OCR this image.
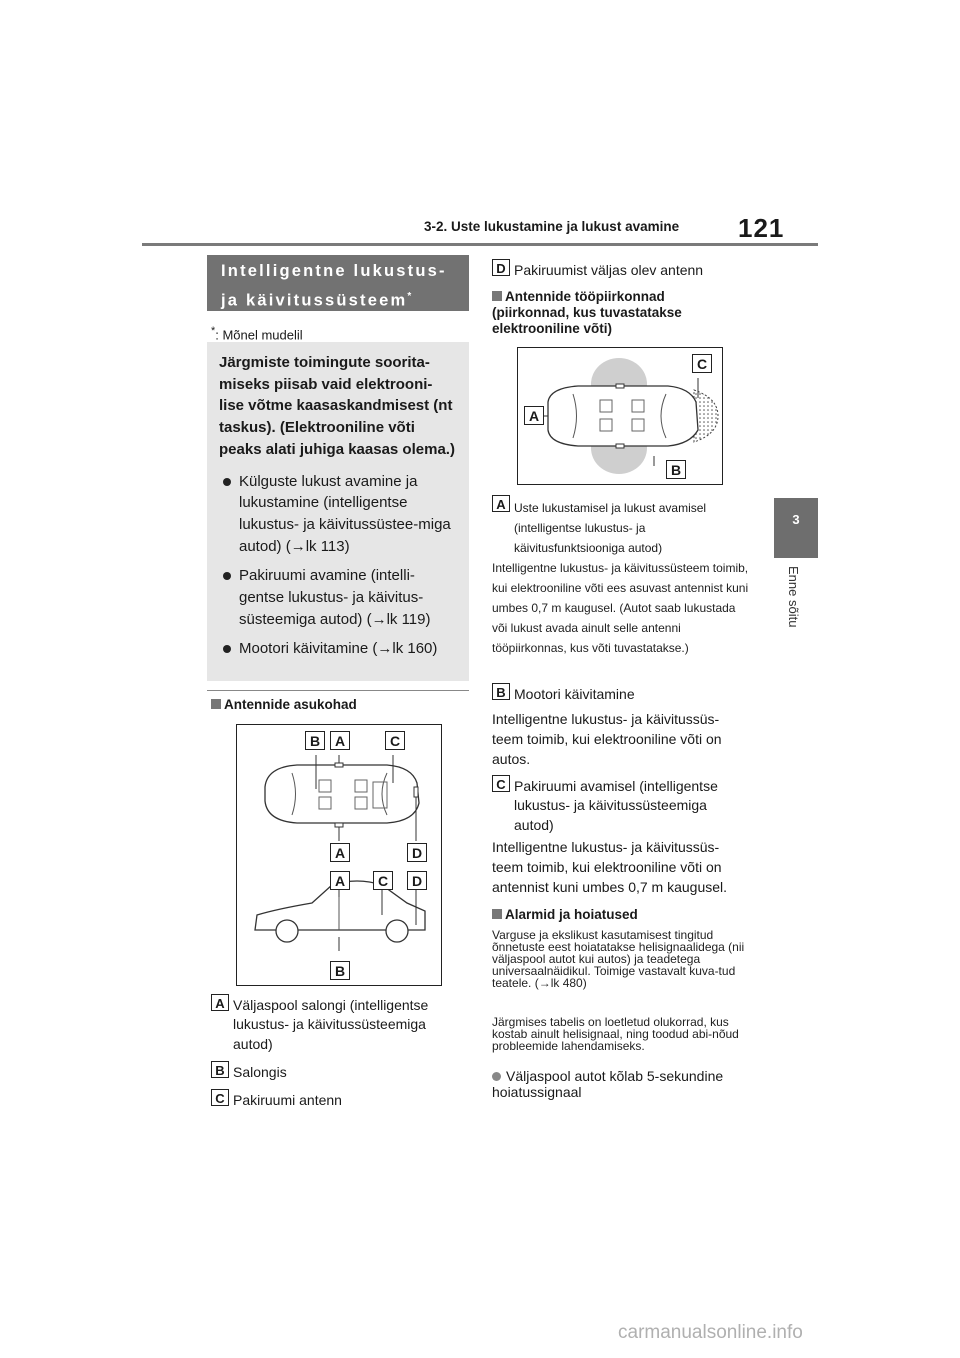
3-2. Uste lukustamine ja lukust avamine 121
3
Enne sõitu
Intelligentne lukustus- ja käivitussüsteem*
*: Mõnel mudelil
Järgmiste toimingute soorita-miseks piisab vaid elektrooni-lise võtme kaasaskandmisest (nt taskus). (Elektrooniline võti peaks alati juhiga kaasas olema.)
Külguste lukust avamine ja lukustamine (intelligentse lukustus- ja käivitussüstee-miga autod) (→lk 113)
Pakiruumi avamine (intelli-gentse lukustus- ja käivitus-süsteemiga autod) (→lk 119)
Mootori käivitamine (→lk 160)
Antennide asukohad
B	A	C
A	D
A	C	D
B
A Väljaspool salongi (intelligentse lukustus- ja käivitussüsteemiga autod)
B Salongis
C Pakiruumi antenn
D Pakiruumist väljas olev antenn
Antennide tööpiirkonnad (piirkonnad, kus tuvastatakse elektrooniline võti)
C
A
B
A Uste lukustamisel ja lukust avamisel (intelligentse lukustus- ja käivitusfunktsiooniga autod)
Intelligentne lukustus- ja käivitussüsteem toimib, kui elektrooniline võti ees asuvast antennist kuni umbes 0,7 m kaugusel. (Autot saab lukustada või lukust avada ainult selle antenni tööpiirkonnas, kus võti tuvastatakse.)
B Mootori käivitamine
Intelligentne lukustus- ja käivitussüs-teem toimib, kui elektrooniline võti on autos.
C Pakiruumi avamisel (intelligentse lukustus- ja käivitussüsteemiga autod)
Intelligentne lukustus- ja käivitussüs-teem toimib, kui elektrooniline võti on antennist kuni umbes 0,7 m kaugusel.
Alarmid ja hoiatused
Varguse ja ekslikust kasutamisest tingitud õnnetuste eest hoiatatakse helisignaalidega (nii väljaspool autot kui autos) ja teadetega universaalnäidikul. Toimige vastavalt kuva-tud teatele. (→lk 480)
Järgmises tabelis on loetletud olukorrad, kus kostab ainult helisignaal, ning toodud abi-nõud probleemide lahendamiseks.
Väljaspool autot kõlab 5-sekundine hoiatussignaal
carmanualsonline.info
